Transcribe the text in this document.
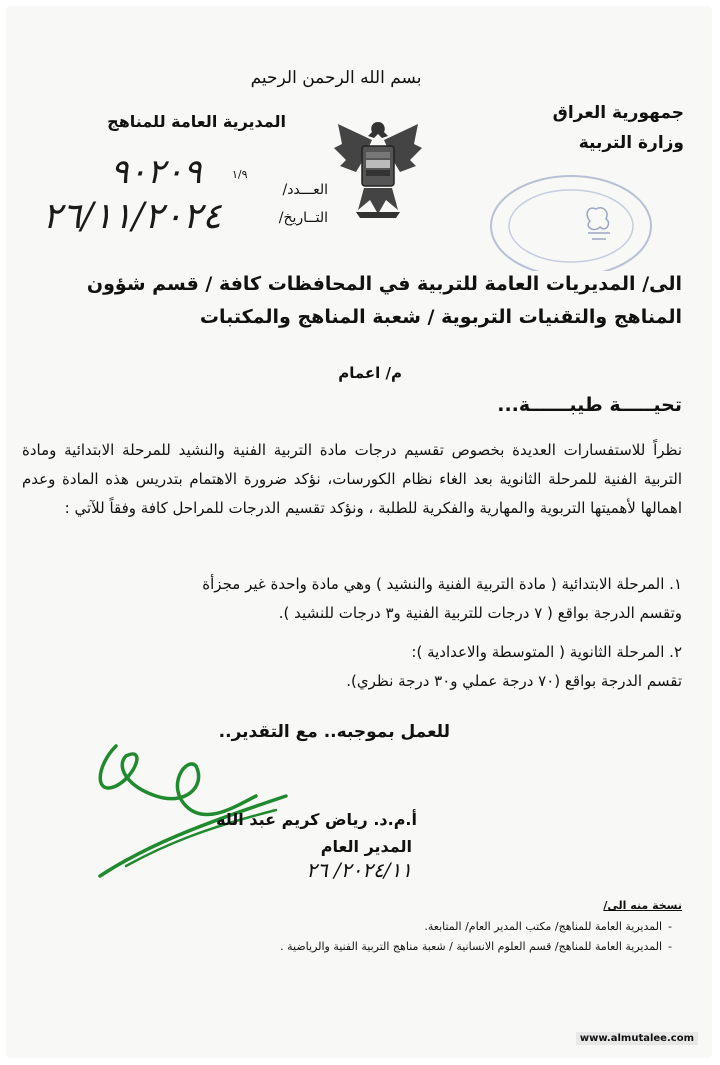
بسم الله الرحمن الرحيم
جمهورية العراق
وزارة التربية
المديرية العامة للمناهج
١/٩
العـــدد/
التــاريخ/
٩٠٢٠٩
٢٦/١١/٢٠٢٤
الى/ المديريات العامة للتربية في المحافظات كافة / قسم شؤون
المناهج والتقنيات التربوية / شعبة المناهج والمكتبات
م/ اعمام
تحيـــــة طيبــــــة...

نظراً للاستفسارات العديدة بخصوص تقسيم درجات مادة التربية الفنية والنشيد للمرحلة الابتدائية ومادة التربية الفنية للمرحلة الثانوية بعد الغاء نظام الكورسات، نؤكد ضرورة الاهتمام بتدريس هذه المادة وعدم اهمالها لأهميتها التربوية والمهارية والفكرية للطلبة ، ونؤكد تقسيم الدرجات للمراحل كافة وفقاً للآتي :

١. المرحلة الابتدائية ( مادة التربية الفنية والنشيد ) وهي مادة واحدة غير مجزأة
وتقسم الدرجة بواقع ( ٧ درجات للتربية الفنية و٣ درجات للنشيد ).
٢. المرحلة الثانوية ( المتوسطة والاعدادية ):
تقسم الدرجة بواقع (٧٠ درجة عملي و٣٠ درجة نظري).
للعمل بموجبه.. مع التقدير..
أ.م.د. رياض كريم عبد الله
المدير العام
٢٠٢٤/١١/ ٢٦
نسخة منه الى/
- المديرية العامة للمناهج/ مكتب المدير العام/ المتابعة.
- المديرية العامة للمناهج/ قسم العلوم الانسانية / شعبة مناهج التربية الفنية والرياضية .
www.almutalee.com
